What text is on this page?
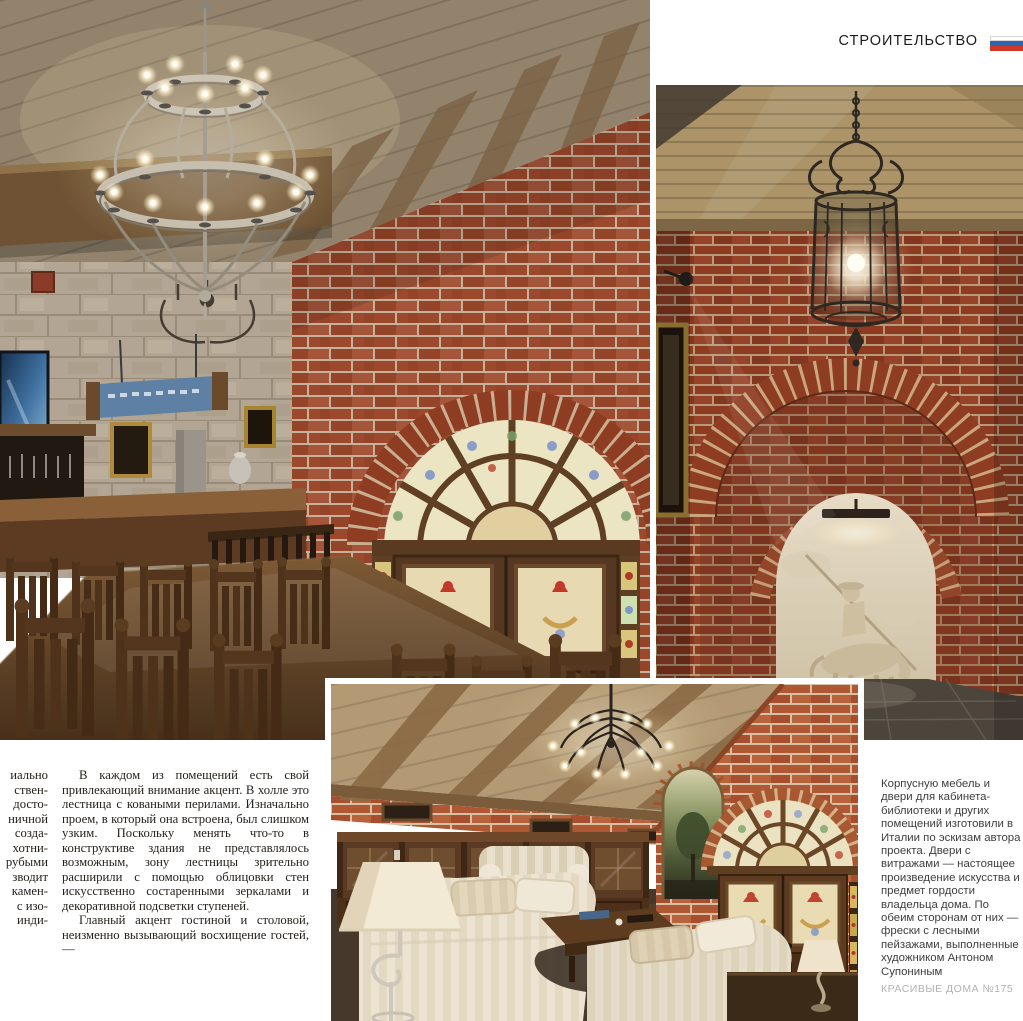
СТРОИТЕЛЬСТВО
иально
ствен-
досто-
ничной
созда-
хотни-
рубыми
зводит
камен-
с изо-
инди-

В каждом из помещений есть свой привлекающий внимание акцент. В холле это лестница с коваными перилами. Изначально проем, в который она встроена, был слишком узким. Поскольку менять что-то в конструктиве здания не представлялось возможным, зону лестницы зрительно расширили с помощью облицовки стен искусственно состаренными зеркалами и декоративной подсветки ступеней.

Главный акцент гостиной и столовой, неизменно вызывающий восхищение гостей, —

Корпусную мебель и двери для кабинета-библиотеки и других помещений изготовили в Италии по эскизам автора проекта. Двери с витражами — настоящее произведение искусства и предмет гордости владельца дома. По обеим сторонам от них — фрески с лесными пейзажами, выполненные художником Антоном Супониным
КРАСИВЫЕ ДОМА №175
